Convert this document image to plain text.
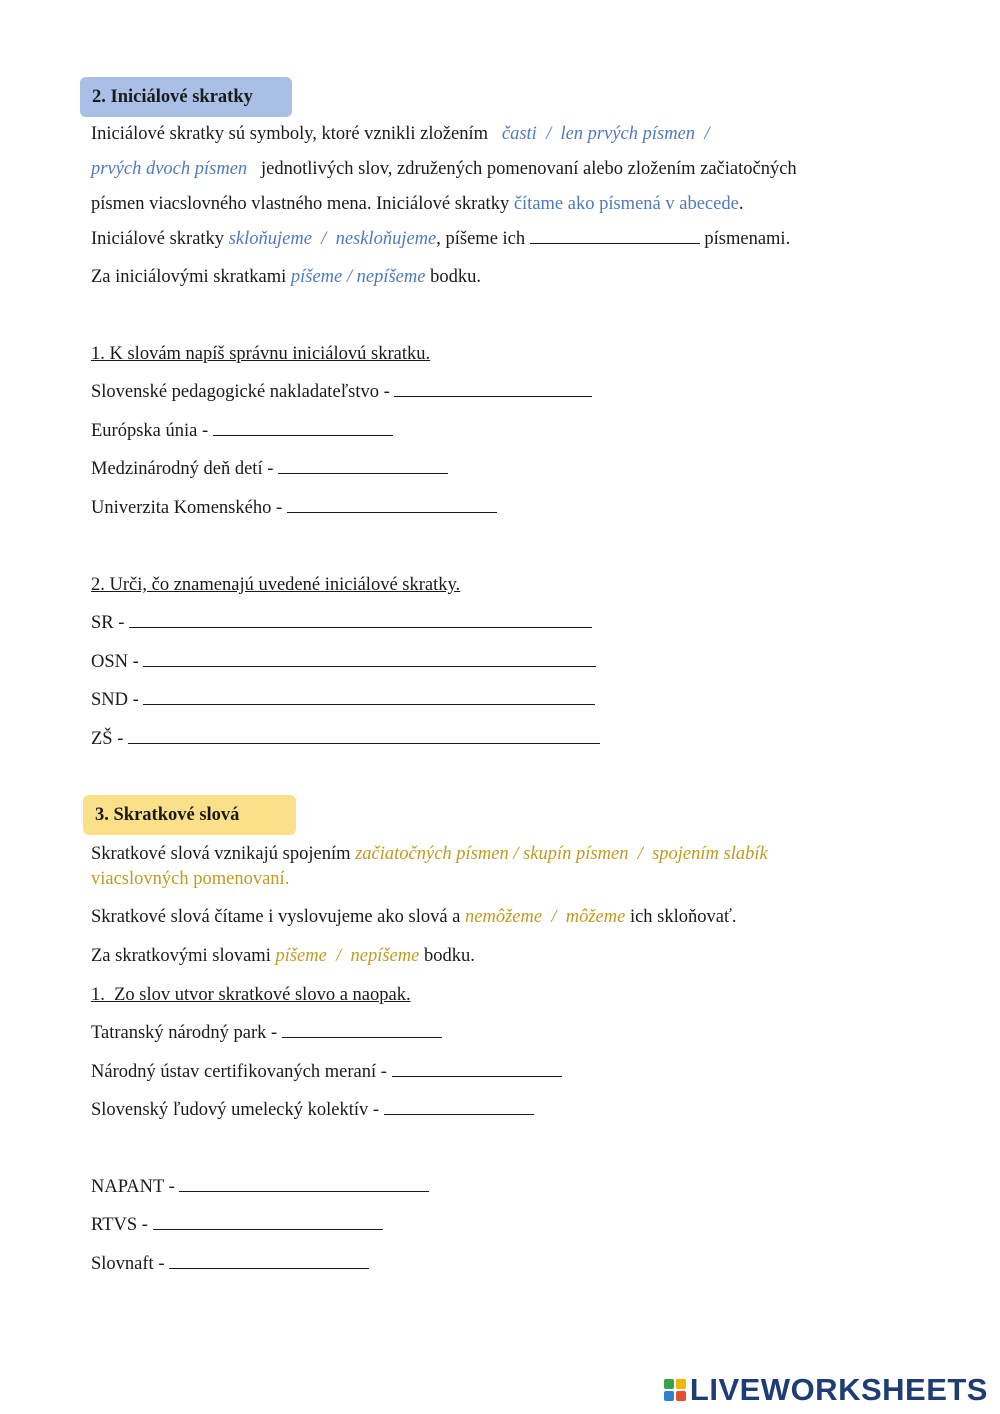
2. Iniciálové skratky
Iniciálové skratky sú symboly, ktoré vznikli zložením časti / len prvých písmen /
prvých dvoch písmen jednotlivých slov, združených pomenovaní alebo zložením začiatočných
písmen viacslovného vlastného mena. Iniciálové skratky čítame ako písmená v abecede.
Iniciálové skratky skloňujeme / neskloňujeme, píšeme ich	písmenami.
Za iniciálovými skratkami píšeme / nepíšeme bodku.
1. K slovám napíš správnu iniciálovú skratku.
Slovenské pedagogické nakladateľstvo -
Európska únia -
Medzinárodný deň detí -
Univerzita Komenského -
2. Urči, čo znamenajú uvedené iniciálové skratky.
SR -
OSN -
SND -
ZŠ -
3. Skratkové slová
Skratkové slová vznikajú spojením začiatočných písmen / skupín písmen  /  spojením slabík
viacslovných pomenovaní.
Skratkové slová čítame i vyslovujeme ako slová a nemôžeme / môžeme ich skloňovať.
Za skratkovými slovami píšeme / nepíšeme bodku.
1.  Zo slov utvor skratkové slovo a naopak.
Tatranský národný park -
Národný ústav certifikovaných meraní -
Slovenský ľudový umelecký kolektív -
NAPANT -
RTVS -
Slovnaft -
LIVEWORKSHEETS
